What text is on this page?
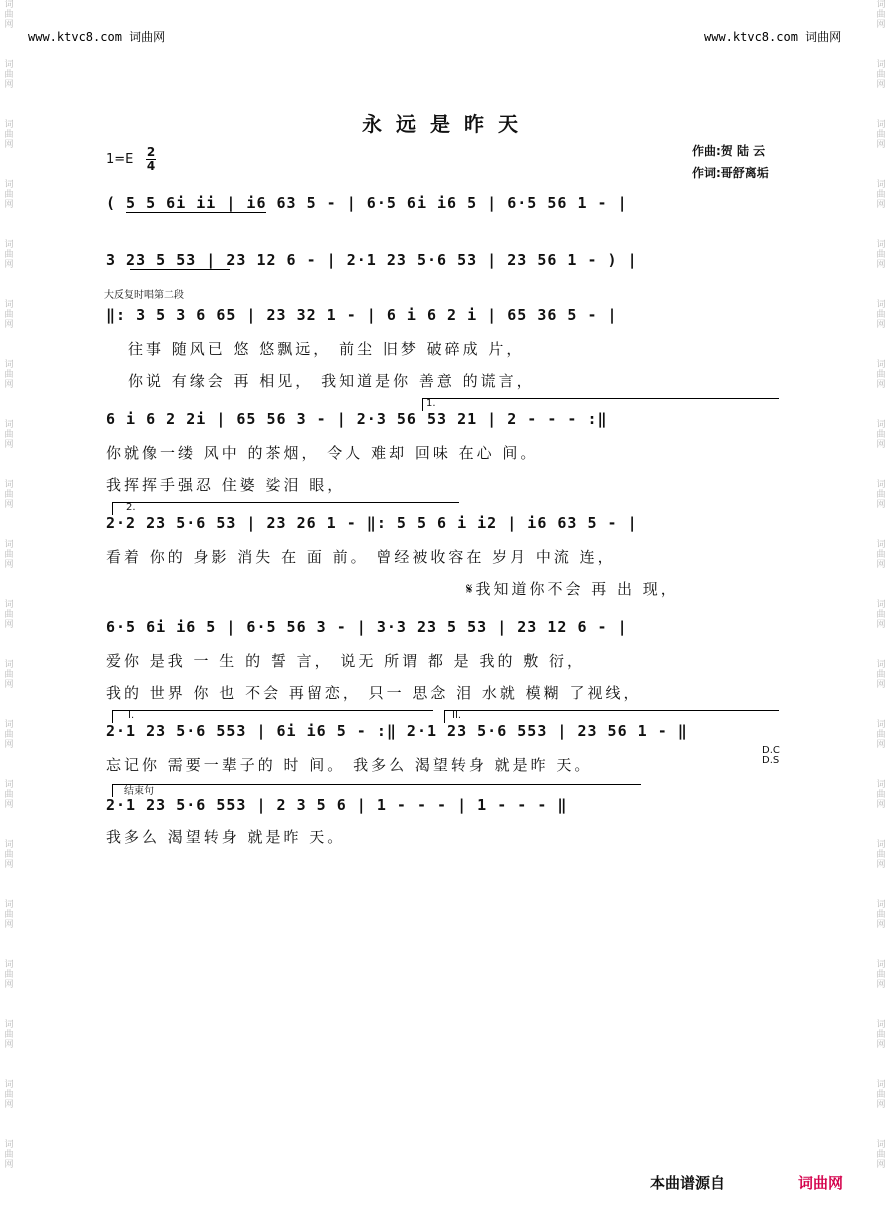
词
曲
网
词
曲
网
词
曲
网
词
曲
网
词
曲
网
词
曲
网
词
曲
网
词
曲
网
词
曲
网
词
曲
网
词
曲
网
词
曲
网
词
曲
网
词
曲
网
词
曲
网
词
曲
网
词
曲
网
词
曲
网
词
曲
网
词
曲
网
词
曲
网
词
曲
网
词
曲
网
词
曲
网
词
曲
网
词
曲
网
词
曲
网
词
曲
网
词
曲
网
词
曲
网
词
曲
网
词
曲
网
词
曲
网
词
曲
网
词
曲
网
词
曲
网
词
曲
网
词
曲
网
词
曲
网
词
曲
网
www.ktvc8.com 词曲网	www.ktvc8.com 词曲网
永远是昨天
1=E 2
4
作曲:贺 陆 云
作词:哥舒离垢
( 5 5 6i ii | i6 63 5 - | 6·5 6i i6 5 | 6·5 56 1 - |
3 23 5 53 | 23 12 6 - | 2·1 23 5·6 53 | 23 56 1 - ) |
大反复时唱第二段
‖: 3 5 3 6 65 | 23 32 1 - | 6 i 6 2 i | 65 36 5 - |
往事 随风已 悠 悠飘远， 前尘 旧梦 破碎成 片，
你说 有缘会 再 相见， 我知道是你 善意 的谎言，
1.
6 i 6 2 2i | 65 56 3 - | 2·3 56 53 21 | 2 - - - :‖
你就像一缕 风中 的茶烟， 令人 难却 回味 在心 间。
我挥挥手强忍 住婆 娑泪 眼，
2.
2·2 23 5·6 53 | 23 26 1 - ‖: 5 5 6 i i2 | i6 63 5 - |
看着 你的 身影 消失 在 面 前。 曾经被收容在 岁月 中流 连，
𝄋我知道你不会 再 出 现，
6·5 6i i6 5 | 6·5 56 3 - | 3·3 23 5 53 | 23 12 6 - |
爱你 是我 一 生 的 誓 言， 说无 所谓 都 是 我的 敷 衍，
我的 世界 你 也 不会 再留恋， 只一 思念 泪 水就 模糊 了视线，
I.	II.
2·1 23 5·6 553 | 6i i6 5 - :‖ 2·1 23 5·6 553 | 23 56 1 - ‖
忘记你 需要一辈子的 时 间。 我多么 渴望转身 就是昨 天。
D.C
D.S
结束句
2·1 23 5·6 553 | 2 3 5 6 | 1 - - - | 1 - - - ‖
我多么 渴望转身 就是昨 天。
本曲谱源自	词曲网
